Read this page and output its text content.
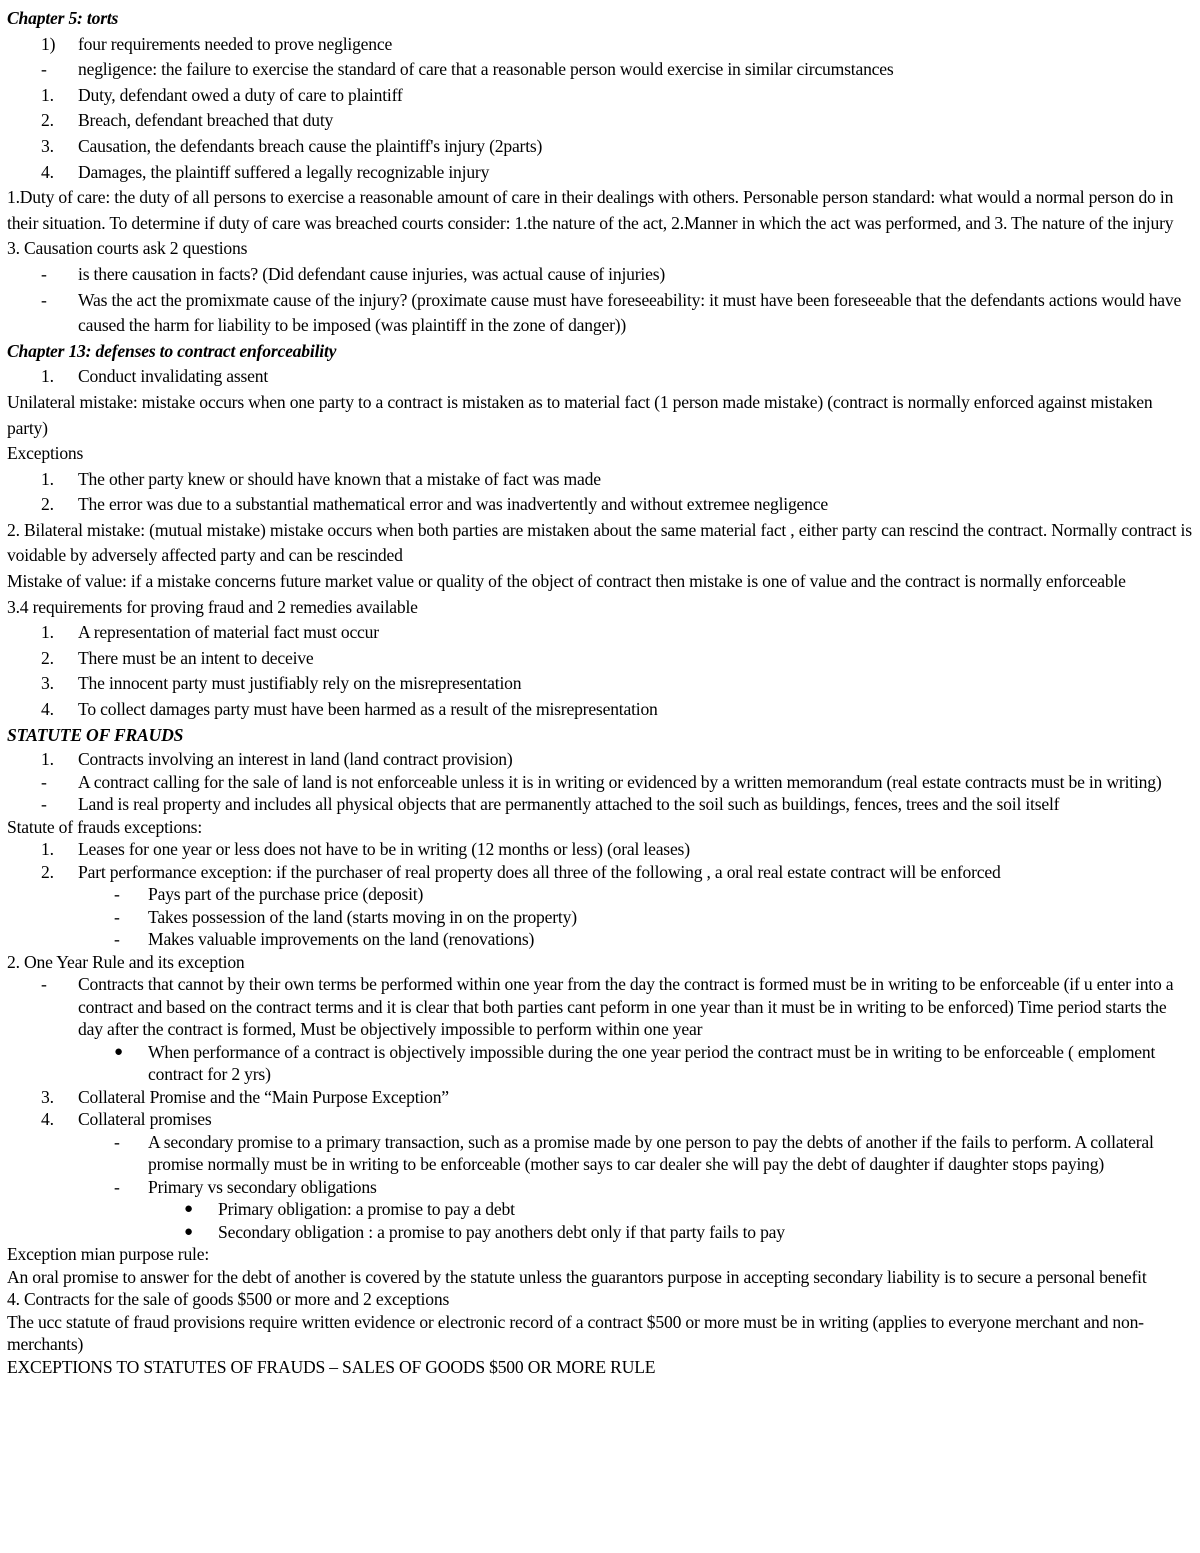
Chapter 5: torts

1) four requirements needed to prove negligence

- negligence: the failure to exercise the standard of care that a reasonable person would exercise in similar circumstances

1. Duty, defendant owed a duty of care to plaintiff

2. Breach, defendant breached that duty

3. Causation, the defendants breach cause the plaintiff's injury (2parts)

4. Damages, the plaintiff suffered a legally recognizable injury

1.Duty of care: the duty of all persons to exercise a reasonable amount of care in their dealings with others. Personable person standard: what would a normal person do in their situation. To determine if duty of care was breached courts consider: 1.the nature of the act, 2.Manner in which the act was performed, and 3. The nature of the injury

3. Causation courts ask 2 questions

- is there causation in facts? (Did defendant cause injuries, was actual cause of injuries)

- Was the act the promixmate cause of the injury? (proximate cause must have foreseeability: it must have been foreseeable that the defendants actions would have caused the harm for liability to be imposed (was plaintiff in the zone of danger))

Chapter 13: defenses to contract enforceability

1. Conduct invalidating assent

Unilateral mistake: mistake occurs when one party to a contract is mistaken as to material fact (1 person made mistake) (contract is normally enforced against mistaken party)

Exceptions

1. The other party knew or should have known that a mistake of fact was made

2. The error was due to a substantial mathematical error and was inadvertently and without extremee negligence

2. Bilateral mistake: (mutual mistake) mistake occurs when both parties are mistaken about the same material fact , either party can rescind the contract. Normally contract is voidable by adversely affected party and can be rescinded

Mistake of value: if a mistake concerns future market value or quality of the object of contract then mistake is one of value and the contract is normally enforceable

3.4 requirements for proving fraud and 2 remedies available

1. A representation of material fact must occur

2. There must be an intent to deceive

3. The innocent party must justifiably rely on the misrepresentation

4. To collect damages party must have been harmed as a result of the misrepresentation

STATUTE OF FRAUDS

1. Contracts involving an interest in land (land contract provision)

- A contract calling for the sale of land is not enforceable unless it is in writing or evidenced by a written memorandum (real estate contracts must be in writing)

- Land is real property and includes all physical objects that are permanently attached to the soil such as buildings, fences, trees and the soil itself

Statute of frauds exceptions:

1. Leases for one year or less does not have to be in writing (12 months or less) (oral leases)

2. Part performance exception: if the purchaser of real property does all three of the following , a oral real estate contract will be enforced

- Pays part of the purchase price (deposit)

- Takes possession of the land (starts moving in on the property)

- Makes valuable improvements on the land (renovations)

2. One Year Rule and its exception

- Contracts that cannot by their own terms be performed within one year from the day the contract is formed must be in writing to be enforceable (if u enter into a contract and based on the contract terms and it is clear that both parties cant peform in one year than it must be in writing to be enforced) Time period starts the day after the contract is formed, Must be objectively impossible to perform within one year

● When performance of a contract is objectively impossible during the one year period the contract must be in writing to be enforceable ( emploment contract for 2 yrs)

3. Collateral Promise and the “Main Purpose Exception”

4. Collateral promises

- A secondary promise to a primary transaction, such as a promise made by one person to pay the debts of another if the fails to perform. A collateral promise normally must be in writing to be enforceable (mother says to car dealer she will pay the debt of daughter if daughter stops paying)

- Primary vs secondary obligations

● Primary obligation: a promise to pay a debt

● Secondary obligation : a promise to pay anothers debt only if that party fails to pay

Exception mian purpose rule:

An oral promise to answer for the debt of another is covered by the statute unless the guarantors purpose in accepting secondary liability is to secure a personal benefit

4. Contracts for the sale of goods $500 or more and 2 exceptions

The ucc statute of fraud provisions require written evidence or electronic record of a contract $500 or more must be in writing (applies to everyone merchant and non-merchants)

EXCEPTIONS TO STATUTES OF FRAUDS – SALES OF GOODS $500 OR MORE RULE
